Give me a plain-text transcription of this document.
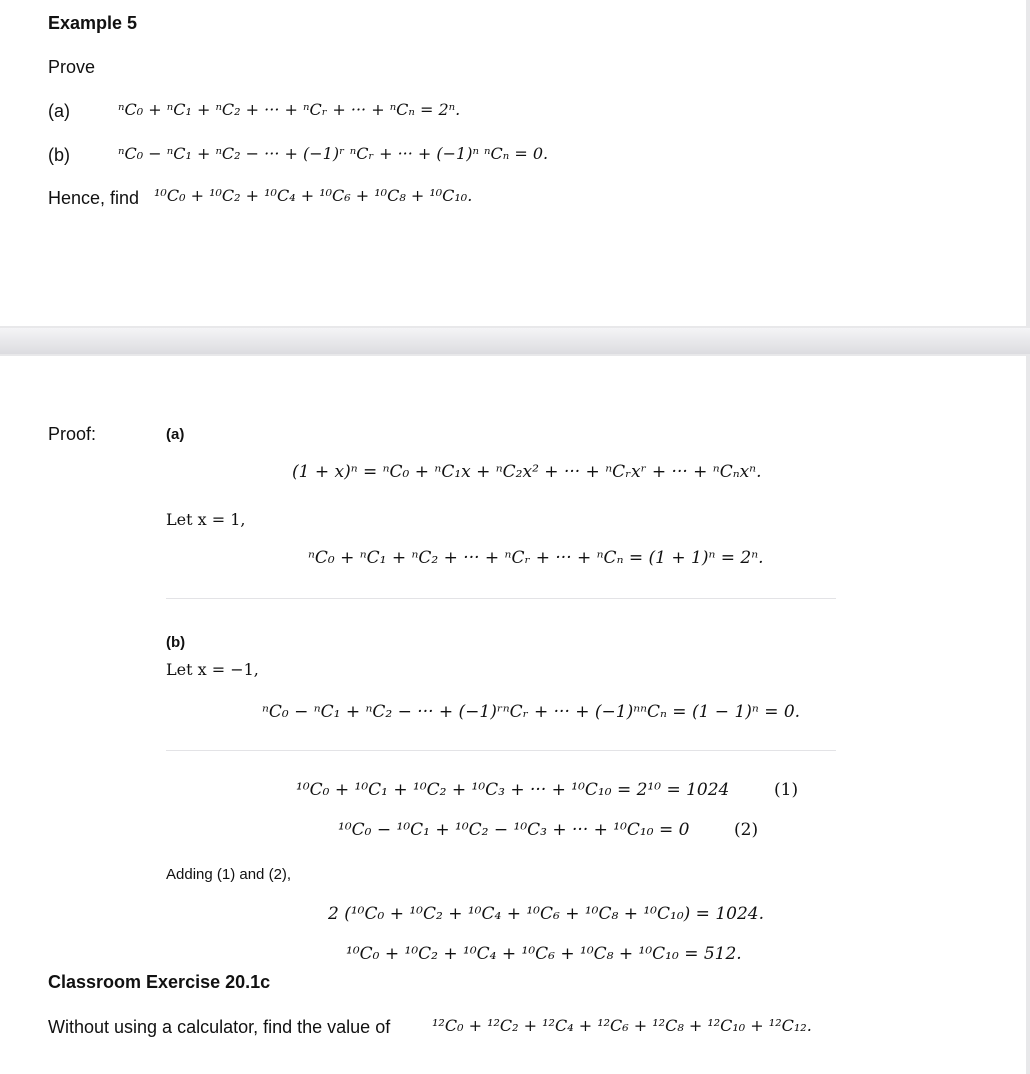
Example 5
Prove
(a)	ⁿC₀ + ⁿC₁ + ⁿC₂ + ··· + ⁿCᵣ + ··· + ⁿCₙ = 2ⁿ.
(b)	ⁿC₀ − ⁿC₁ + ⁿC₂ − ··· + (−1)ʳ ⁿCᵣ + ··· + (−1)ⁿ ⁿCₙ = 0.
Hence, find ¹⁰C₀ + ¹⁰C₂ + ¹⁰C₄ + ¹⁰C₆ + ¹⁰C₈ + ¹⁰C₁₀.
Proof:	(a)
(1 + x)ⁿ = ⁿC₀ + ⁿC₁x + ⁿC₂x² + ··· + ⁿCᵣxʳ + ··· + ⁿCₙxⁿ.
Let x = 1,
ⁿC₀ + ⁿC₁ + ⁿC₂ + ··· + ⁿCᵣ + ··· + ⁿCₙ = (1 + 1)ⁿ = 2ⁿ.
(b)
Let x = −1,
ⁿC₀ − ⁿC₁ + ⁿC₂ − ··· + (−1)ʳⁿCᵣ + ··· + (−1)ⁿⁿCₙ = (1 − 1)ⁿ = 0.
¹⁰C₀ + ¹⁰C₁ + ¹⁰C₂ + ¹⁰C₃ + ··· + ¹⁰C₁₀ = 2¹⁰ = 1024	(1)
¹⁰C₀ − ¹⁰C₁ + ¹⁰C₂ − ¹⁰C₃ + ··· + ¹⁰C₁₀ = 0	(2)
Adding (1) and (2),
2 (¹⁰C₀ + ¹⁰C₂ + ¹⁰C₄ + ¹⁰C₆ + ¹⁰C₈ + ¹⁰C₁₀) = 1024.
¹⁰C₀ + ¹⁰C₂ + ¹⁰C₄ + ¹⁰C₆ + ¹⁰C₈ + ¹⁰C₁₀ = 512.
Classroom Exercise 20.1c
Without using a calculator, find the value of	¹²C₀ + ¹²C₂ + ¹²C₄ + ¹²C₆ + ¹²C₈ + ¹²C₁₀ + ¹²C₁₂.
